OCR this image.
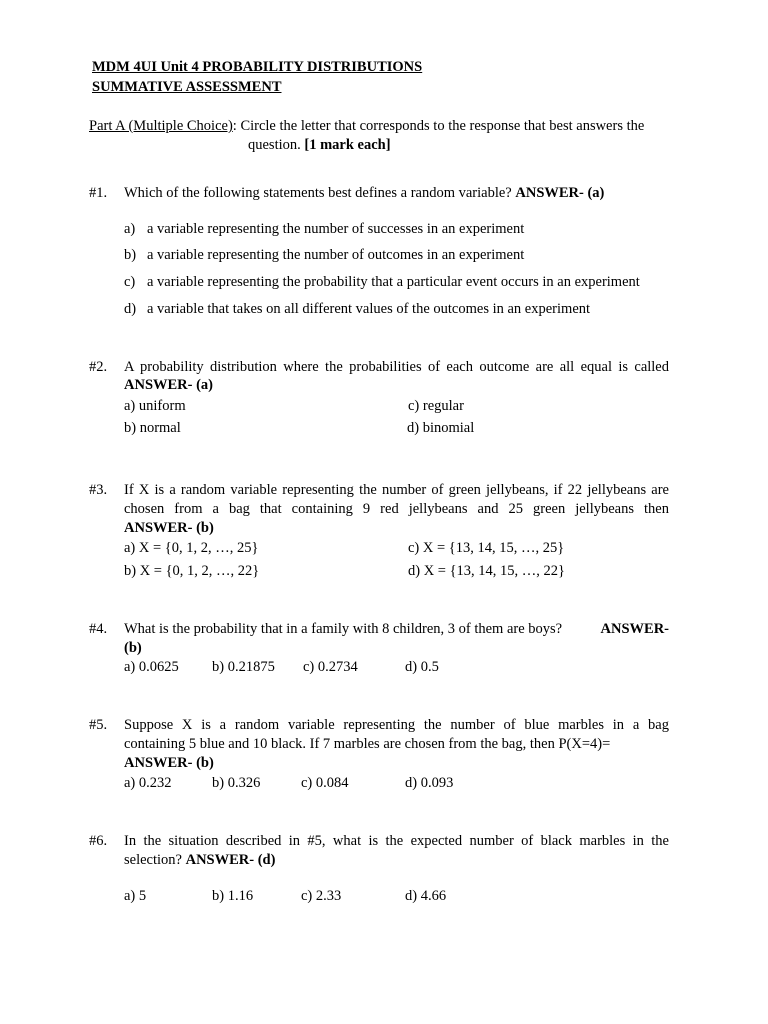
MDM 4UI Unit 4 PROBABILITY DISTRIBUTIONS
SUMMATIVE ASSESSMENT
Part A (Multiple Choice): Circle the letter that corresponds to the response that best answers the
question. [1 mark each]
#1. Which of the following statements best defines a random variable? ANSWER- (a)
a) a variable representing the number of successes in an experiment
b) a variable representing the number of outcomes in an experiment
c) a variable representing the probability that a particular event occurs in an experiment
d) a variable that takes on all different values of the outcomes in an experiment
#2. A probability distribution where the probabilities of each outcome are all equal is called
ANSWER- (a)
a) uniform	c) regular
b) normal	d) binomial
#3. If X is a random variable representing the number of green jellybeans, if 22 jellybeans are
chosen from a bag that containing 9 red jellybeans and 25 green jellybeans then
ANSWER- (b)
a) X = {0, 1, 2, …, 25}	c) X = {13, 14, 15, …, 25}
b) X = {0, 1, 2, …, 22}	d) X = {13, 14, 15, …, 22}
#4. What is the probability that in a family with 8 children, 3 of them are boys?	ANSWER-
(b)
a) 0.0625 b) 0.21875 c) 0.2734	d) 0.5
#5. Suppose X is a random variable representing the number of blue marbles in a bag
containing 5 blue and 10 black. If 7 marbles are chosen from the bag, then P(X=4)=
ANSWER- (b)
a) 0.232	b) 0.326	c) 0.084	d) 0.093
#6. In the situation described in #5, what is the expected number of black marbles in the
selection? ANSWER- (d)
a) 5	b) 1.16	c) 2.33	d) 4.66
